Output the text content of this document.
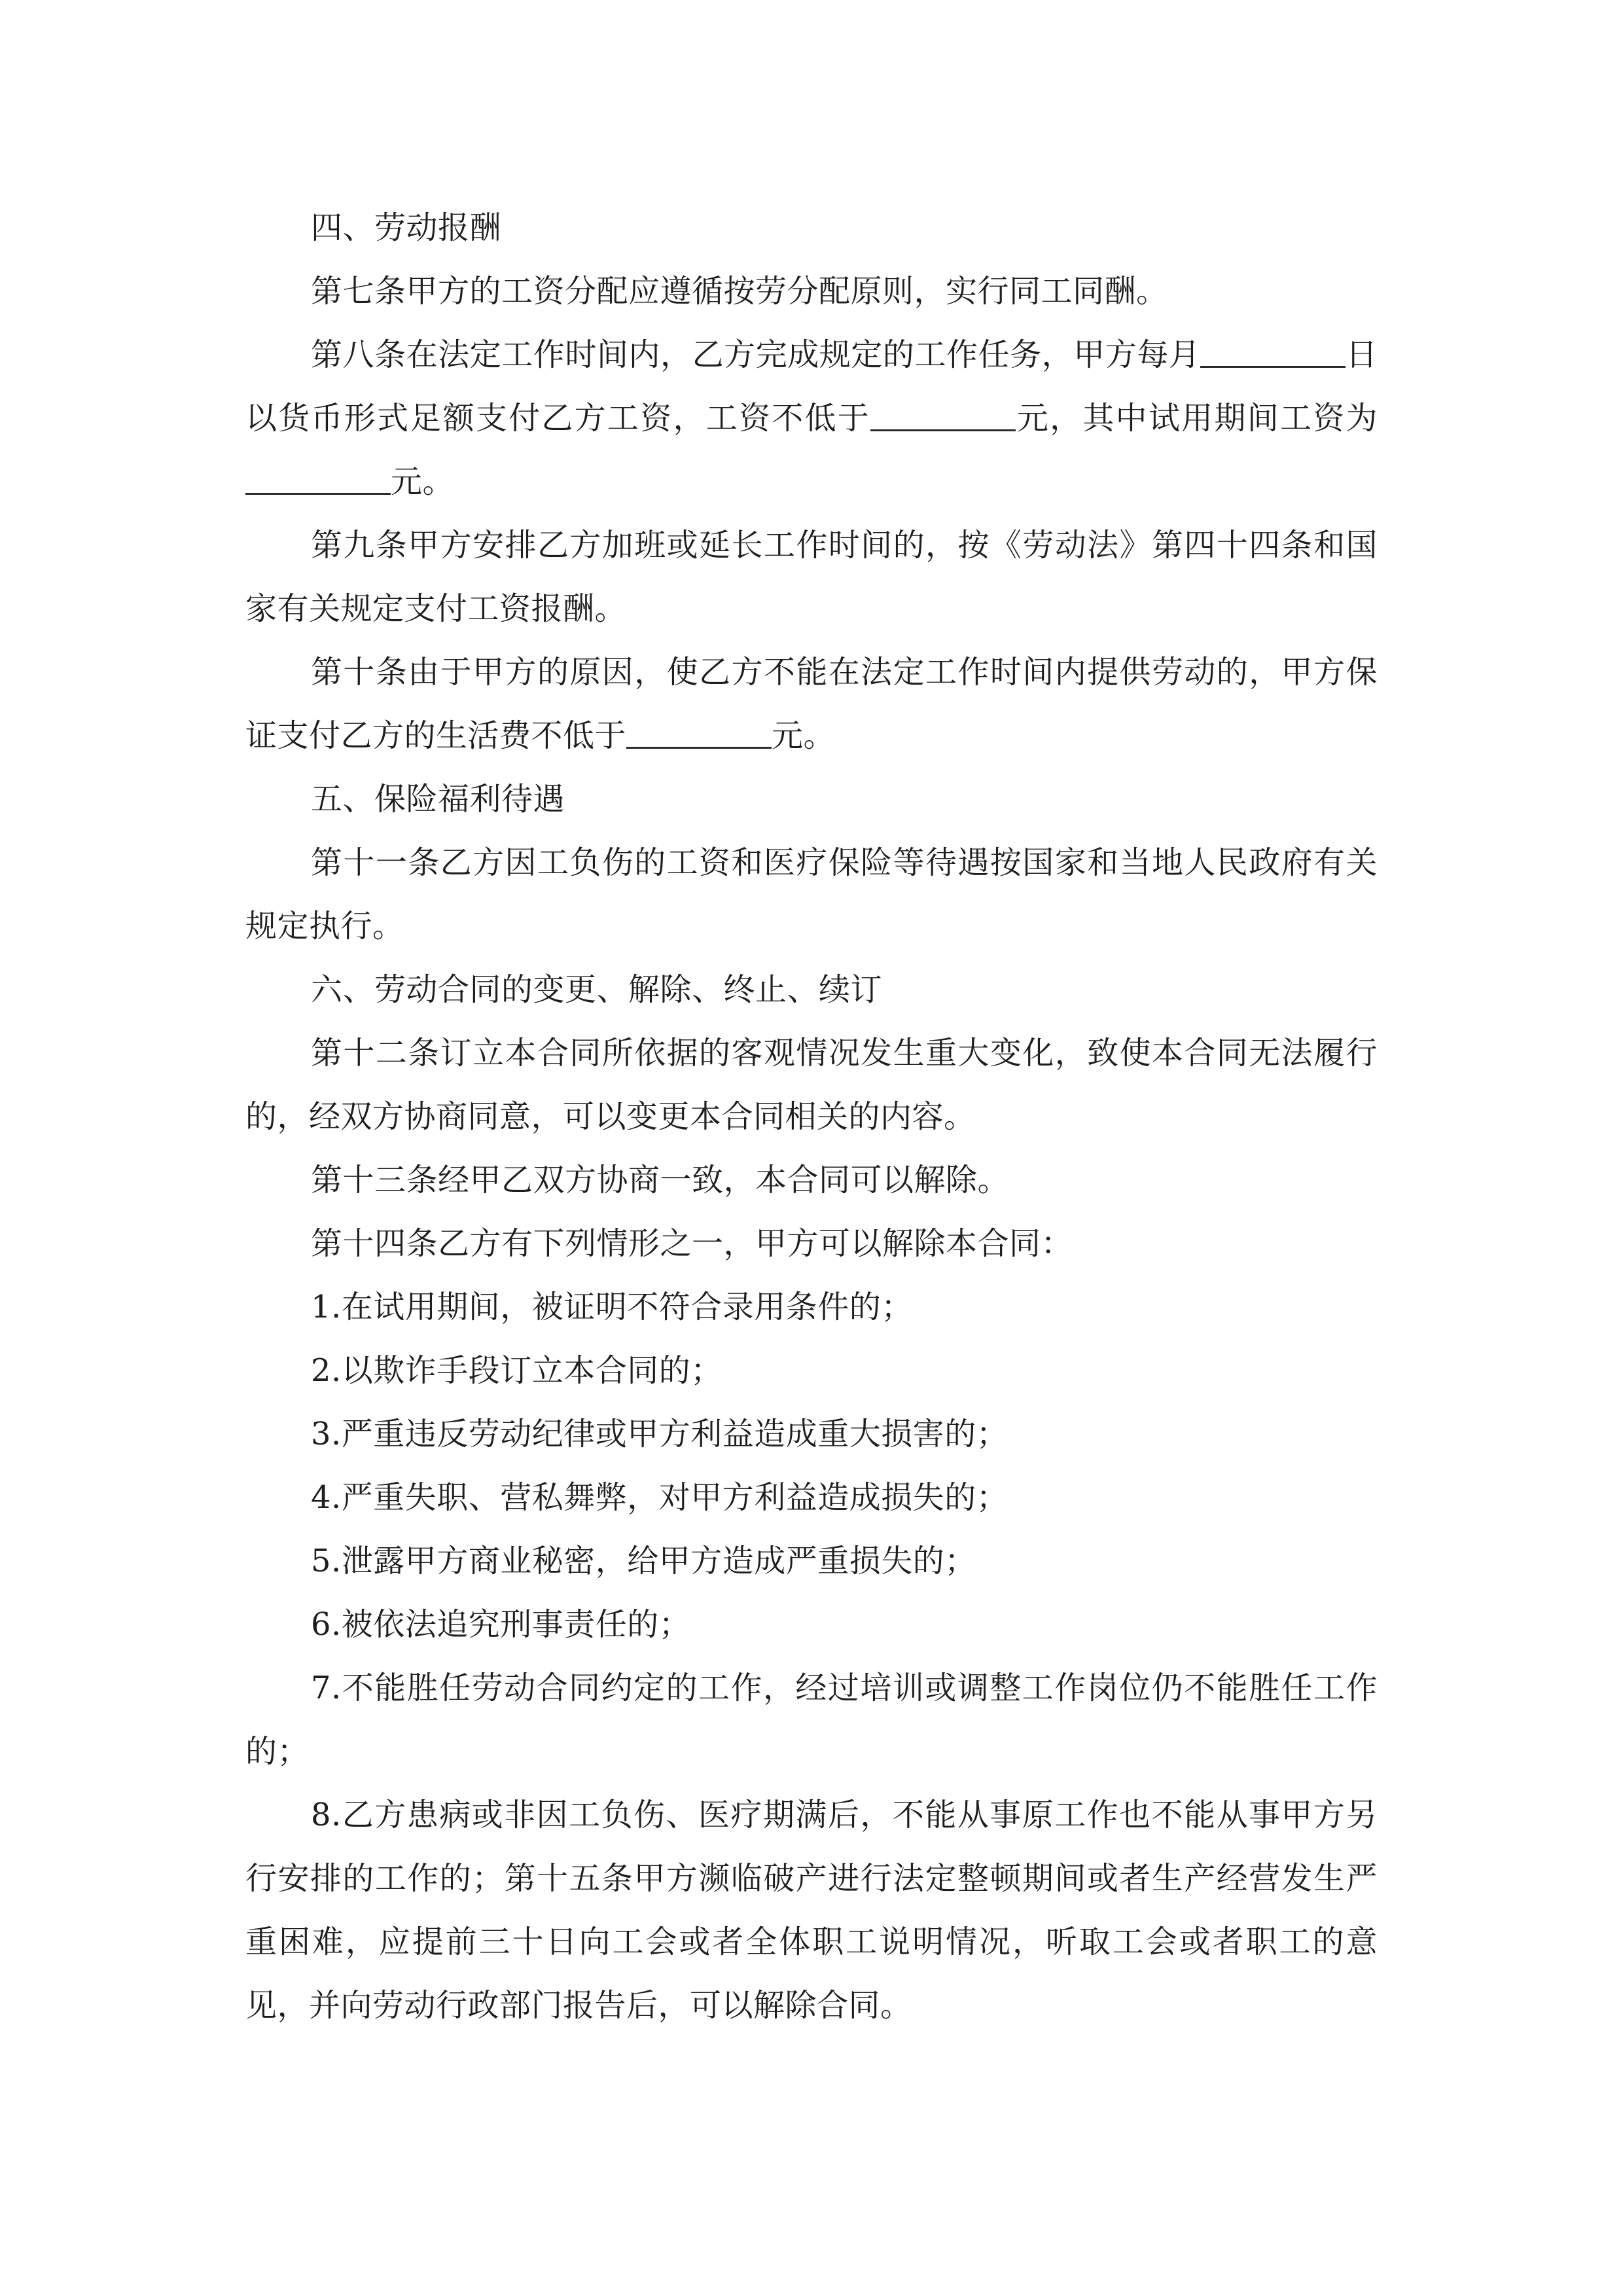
四、劳动报酬

第七条甲方的工资分配应遵循按劳分配原则，实行同工同酬。

第八条在法定工作时间内，乙方完成规定的工作任务，甲方每月	日以货币形式足额支付乙方工资，工资不低于	元，其中试用期间工资为元。

第九条甲方安排乙方加班或延长工作时间的，按《劳动法》第四十四条和国家有关规定支付工资报酬。

第十条由于甲方的原因，使乙方不能在法定工作时间内提供劳动的，甲方保证支付乙方的生活费不低于	元。

五、保险福利待遇

第十一条乙方因工负伤的工资和医疗保险等待遇按国家和当地人民政府有关规定执行。

六、劳动合同的变更、解除、终止、续订

第十二条订立本合同所依据的客观情况发生重大变化，致使本合同无法履行的，经双方协商同意，可以变更本合同相关的内容。

第十三条经甲乙双方协商一致，本合同可以解除。

第十四条乙方有下列情形之一，甲方可以解除本合同：

1.在试用期间，被证明不符合录用条件的；

2.以欺诈手段订立本合同的；

3.严重违反劳动纪律或甲方利益造成重大损害的；

4.严重失职、营私舞弊，对甲方利益造成损失的；

5.泄露甲方商业秘密，给甲方造成严重损失的；

6.被依法追究刑事责任的；

7.不能胜任劳动合同约定的工作，经过培训或调整工作岗位仍不能胜任工作的；

8.乙方患病或非因工负伤、医疗期满后，不能从事原工作也不能从事甲方另行安排的工作的；第十五条甲方濒临破产进行法定整顿期间或者生产经营发生严重困难，应提前三十日向工会或者全体职工说明情况，听取工会或者职工的意见，并向劳动行政部门报告后，可以解除合同。
